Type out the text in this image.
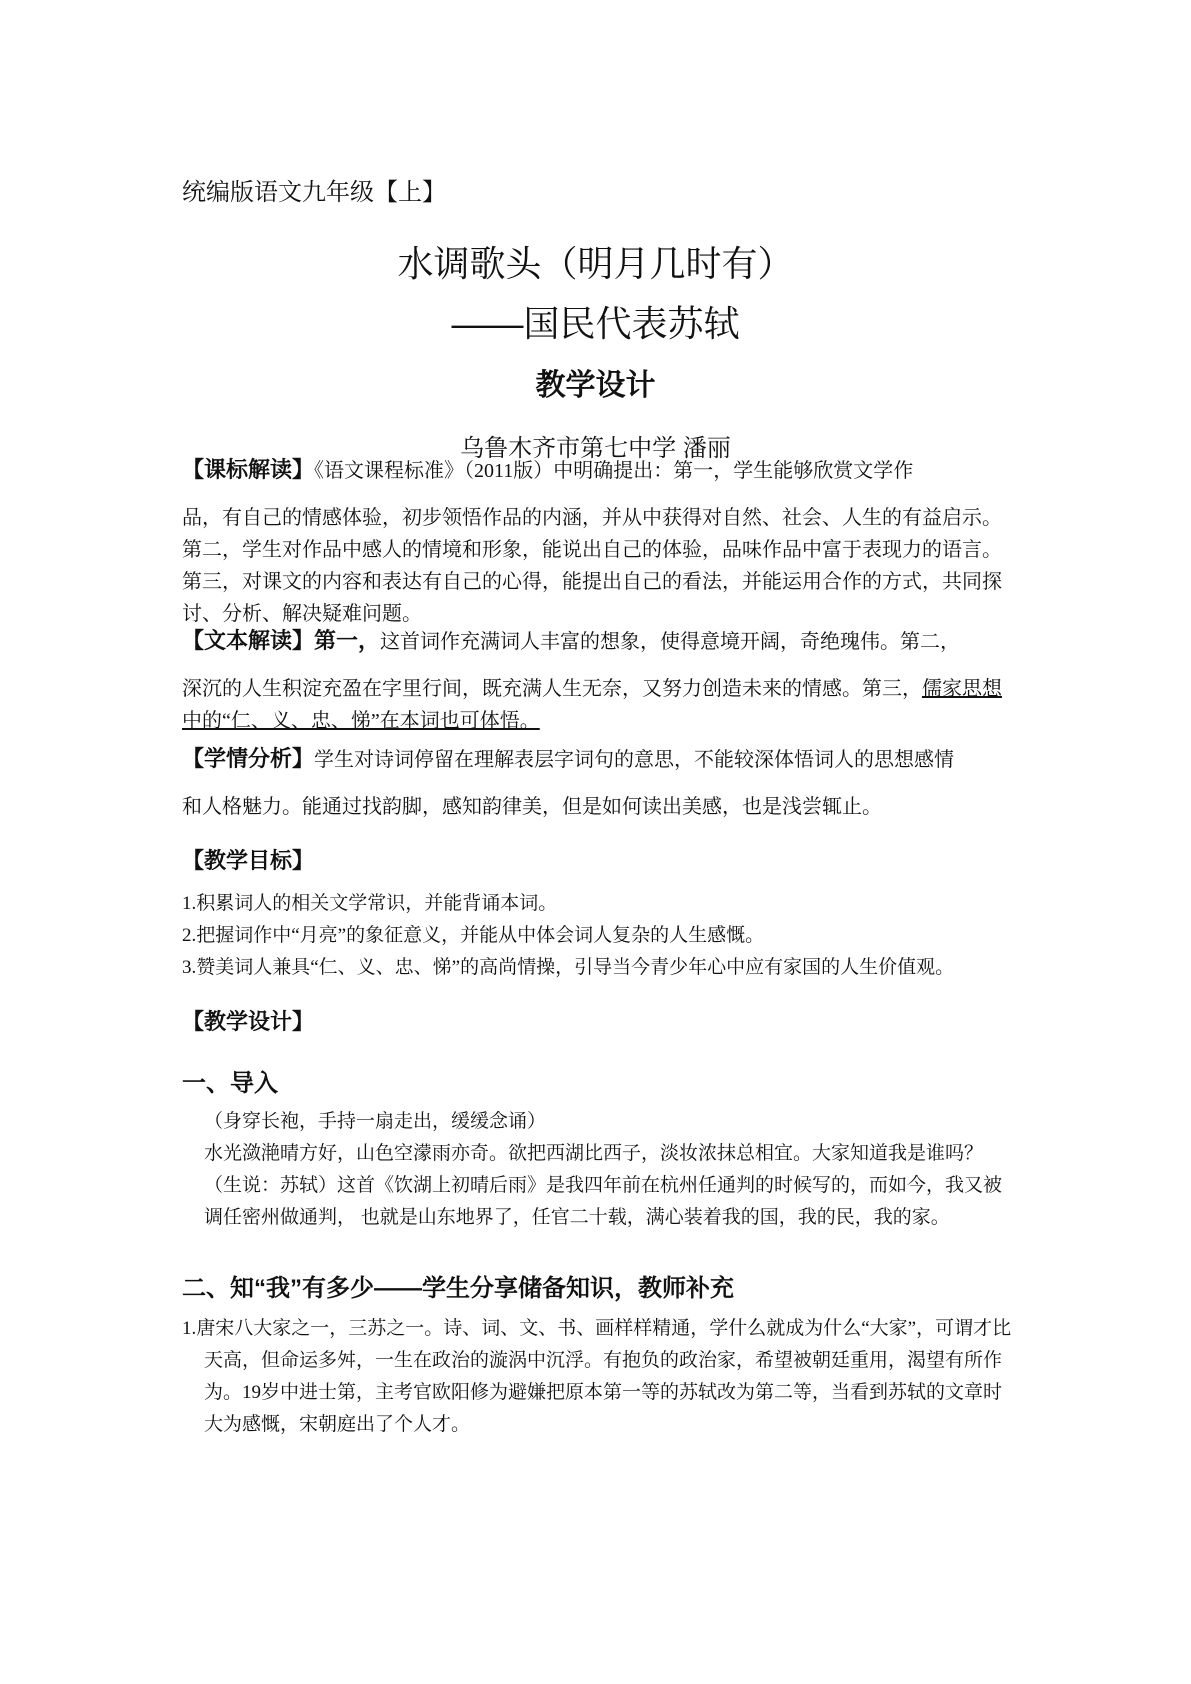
统编版语文九年级【上】
水调歌头（明月几时有）
——国民代表苏轼
教学设计
乌鲁木齐市第七中学 潘丽
【课标解读】《语文课程标准》（2011版）中明确提出：第一，学生能够欣赏文学作
品，有自己的情感体验，初步领悟作品的内涵，并从中获得对自然、社会、人生的有益启示。第二，学生对作品中感人的情境和形象，能说出自己的体验，品味作品中富于表现力的语言。第三，对课文的内容和表达有自己的心得，能提出自己的看法，并能运用合作的方式，共同探讨、分析、解决疑难问题。
【文本解读】第一，这首词作充满词人丰富的想象，使得意境开阔，奇绝瑰伟。第二，
深沉的人生积淀充盈在字里行间，既充满人生无奈，又努力创造未来的情感。第三，儒家思想中的“仁、义、忠、悌”在本词也可体悟。
【学情分析】学生对诗词停留在理解表层字词句的意思，不能较深体悟词人的思想感情
和人格魅力。能通过找韵脚，感知韵律美，但是如何读出美感，也是浅尝辄止。
【教学目标】
1.积累词人的相关文学常识，并能背诵本词。
2.把握词作中“月亮”的象征意义，并能从中体会词人复杂的人生感慨。
3.赞美词人兼具“仁、义、忠、悌”的高尚情操，引导当今青少年心中应有家国的人生价值观。
【教学设计】
一、导入
（身穿长袍，手持一扇走出，缓缓念诵）
水光潋滟晴方好，山色空濛雨亦奇。欲把西湖比西子，淡妆浓抹总相宜。大家知道我是谁吗？（生说：苏轼）这首《饮湖上初晴后雨》是我四年前在杭州任通判的时候写的，而如今，我又被调任密州做通判， 也就是山东地界了，任官二十载，满心装着我的国，我的民，我的家。
二、知“我”有多少——学生分享储备知识，教师补充
1.唐宋八大家之一，三苏之一。诗、词、文、书、画样样精通，学什么就成为什么“大家”，可谓才比天高，但命运多舛，一生在政治的漩涡中沉浮。有抱负的政治家，希望被朝廷重用，渴望有所作为。19岁中进士第，主考官欧阳修为避嫌把原本第一等的苏轼改为第二等，当看到苏轼的文章时大为感慨，宋朝庭出了个人才。
